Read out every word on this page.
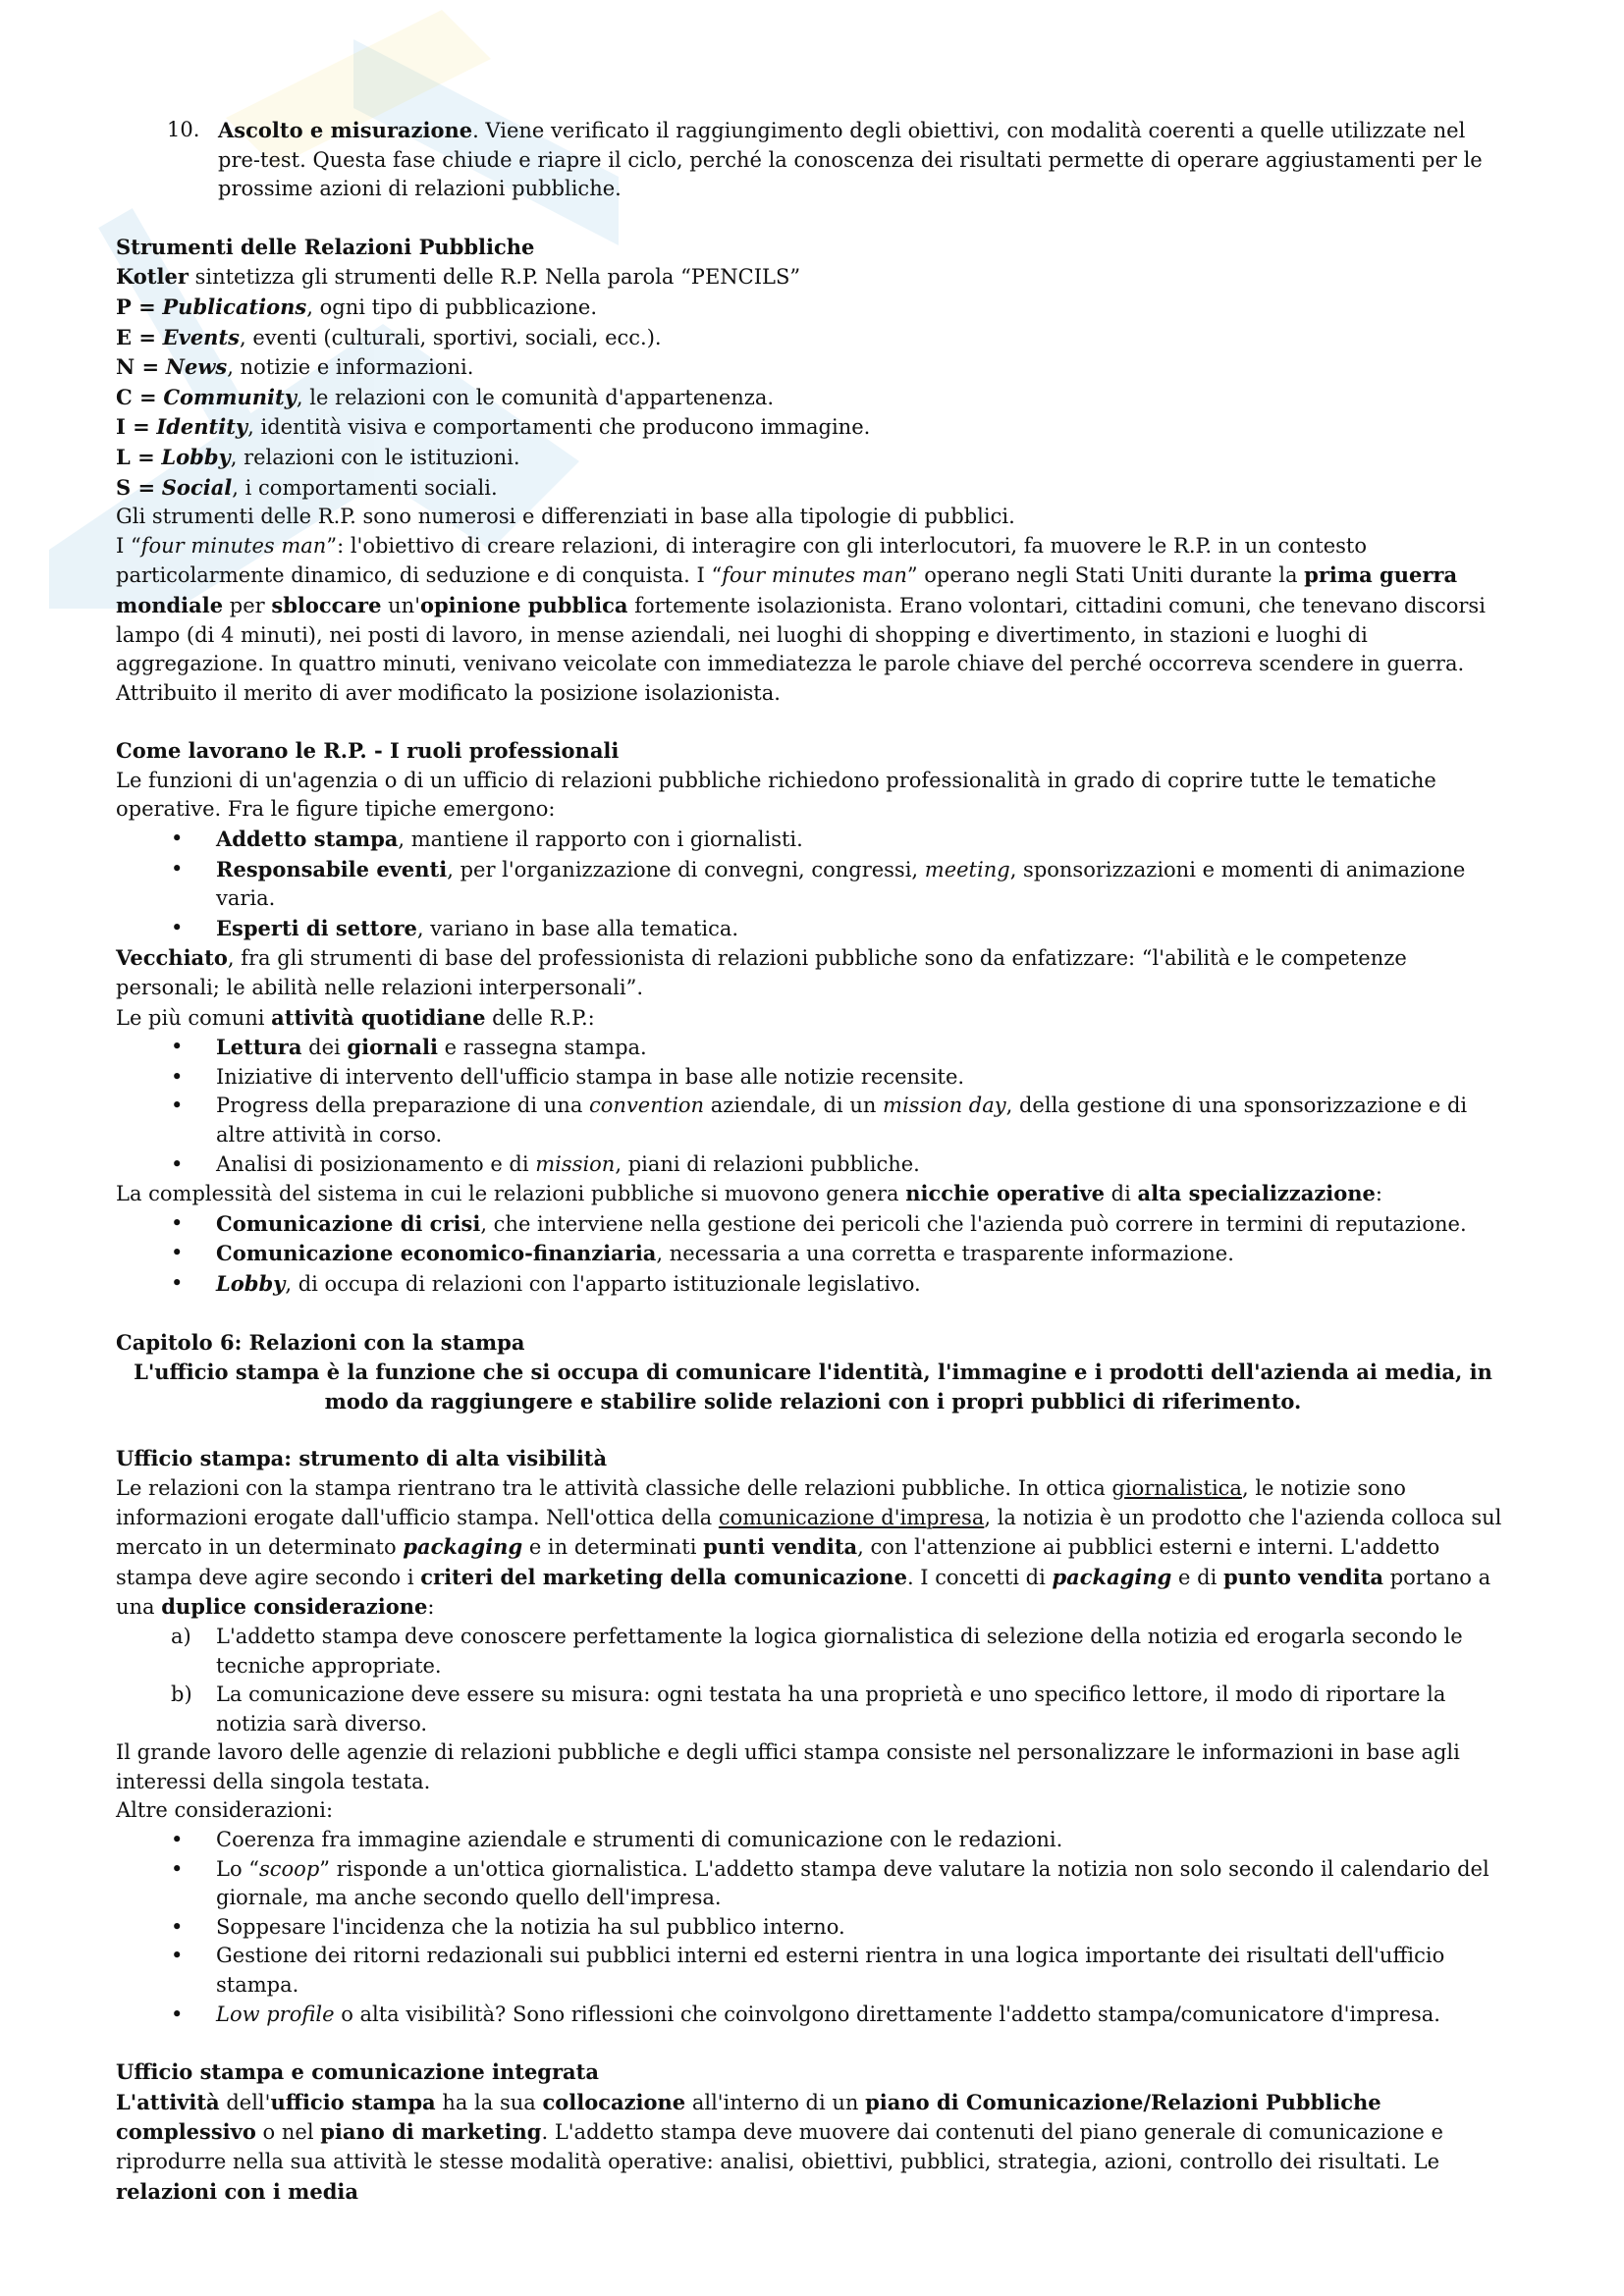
10. Ascolto e misurazione. Viene verificato il raggiungimento degli obiettivi, con modalità coerenti a quelle utilizzate nel pre-test. Questa fase chiude e riapre il ciclo, perché la conoscenza dei risultati permette di operare aggiustamenti per le prossime azioni di relazioni pubbliche.

Strumenti delle Relazioni Pubbliche

Kotler sintetizza gli strumenti delle R.P. Nella parola “PENCILS”

P = Publications, ogni tipo di pubblicazione.

E = Events, eventi (culturali, sportivi, sociali, ecc.).

N = News, notizie e informazioni.

C = Community, le relazioni con le comunità d'appartenenza.

I = Identity, identità visiva e comportamenti che producono immagine.

L = Lobby, relazioni con le istituzioni.

S = Social, i comportamenti sociali.

Gli strumenti delle R.P. sono numerosi e differenziati in base alla tipologie di pubblici.

I “four minutes man”: l'obiettivo di creare relazioni, di interagire con gli interlocutori, fa muovere le R.P. in un contesto particolarmente dinamico, di seduzione e di conquista. I “four minutes man” operano negli Stati Uniti durante la prima guerra mondiale per sbloccare un'opinione pubblica fortemente isolazionista. Erano volontari, cittadini comuni, che tenevano discorsi lampo (di 4 minuti), nei posti di lavoro, in mense aziendali, nei luoghi di shopping e divertimento, in stazioni e luoghi di aggregazione. In quattro minuti, venivano veicolate con immediatezza le parole chiave del perché occorreva scendere in guerra. Attribuito il merito di aver modificato la posizione isolazionista.

Come lavorano le R.P. - I ruoli professionali

Le funzioni di un'agenzia o di un ufficio di relazioni pubbliche richiedono professionalità in grado di coprire tutte le tematiche operative. Fra le figure tipiche emergono:

•	Addetto stampa, mantiene il rapporto con i giornalisti.
•	Responsabile eventi, per l'organizzazione di convegni, congressi, meeting, sponsorizzazioni e momenti di animazione varia.
•	Esperti di settore, variano in base alla tematica.

Vecchiato, fra gli strumenti di base del professionista di relazioni pubbliche sono da enfatizzare: “l'abilità e le competenze personali; le abilità nelle relazioni interpersonali”.

Le più comuni attività quotidiane delle R.P.:

•	Lettura dei giornali e rassegna stampa.
•	Iniziative di intervento dell'ufficio stampa in base alle notizie recensite.
•	Progress della preparazione di una convention aziendale, di un mission day, della gestione di una sponsorizzazione e di altre attività in corso.
•	Analisi di posizionamento e di mission, piani di relazioni pubbliche.

La complessità del sistema in cui le relazioni pubbliche si muovono genera nicchie operative di alta specializzazione:

•	Comunicazione di crisi, che interviene nella gestione dei pericoli che l'azienda può correre in termini di reputazione.
•	Comunicazione economico-finanziaria, necessaria a una corretta e trasparente informazione.
•	Lobby, di occupa di relazioni con l'apparto istituzionale legislativo.

Capitolo 6: Relazioni con la stampa

L'ufficio stampa è la funzione che si occupa di comunicare l'identità, l'immagine e i prodotti dell'azienda ai media, in modo da raggiungere e stabilire solide relazioni con i propri pubblici di riferimento.

Ufficio stampa: strumento di alta visibilità

Le relazioni con la stampa rientrano tra le attività classiche delle relazioni pubbliche. In ottica giornalistica, le notizie sono informazioni erogate dall'ufficio stampa. Nell'ottica della comunicazione d'impresa, la notizia è un prodotto che l'azienda colloca sul mercato in un determinato packaging e in determinati punti vendita, con l'attenzione ai pubblici esterni e interni. L'addetto stampa deve agire secondo i criteri del marketing della comunicazione. I concetti di packaging e di punto vendita portano a una duplice considerazione:

a)	L'addetto stampa deve conoscere perfettamente la logica giornalistica di selezione della notizia ed erogarla secondo le tecniche appropriate.
b)	La comunicazione deve essere su misura: ogni testata ha una proprietà e uno specifico lettore, il modo di riportare la notizia sarà diverso.

Il grande lavoro delle agenzie di relazioni pubbliche e degli uffici stampa consiste nel personalizzare le informazioni in base agli interessi della singola testata.

Altre considerazioni:

•	Coerenza fra immagine aziendale e strumenti di comunicazione con le redazioni.
•	Lo “scoop” risponde a un'ottica giornalistica. L'addetto stampa deve valutare la notizia non solo secondo il calendario del giornale, ma anche secondo quello dell'impresa.
•	Soppesare l'incidenza che la notizia ha sul pubblico interno.
•	Gestione dei ritorni redazionali sui pubblici interni ed esterni rientra in una logica importante dei risultati dell'ufficio stampa.
•	Low profile o alta visibilità? Sono riflessioni che coinvolgono direttamente l'addetto stampa/comunicatore d'impresa.

Ufficio stampa e comunicazione integrata

L'attività dell'ufficio stampa ha la sua collocazione all'interno di un piano di Comunicazione/Relazioni Pubbliche complessivo o nel piano di marketing. L'addetto stampa deve muovere dai contenuti del piano generale di comunicazione e riprodurre nella sua attività le stesse modalità operative: analisi, obiettivi, pubblici, strategia, azioni, controllo dei risultati. Le relazioni con i media
